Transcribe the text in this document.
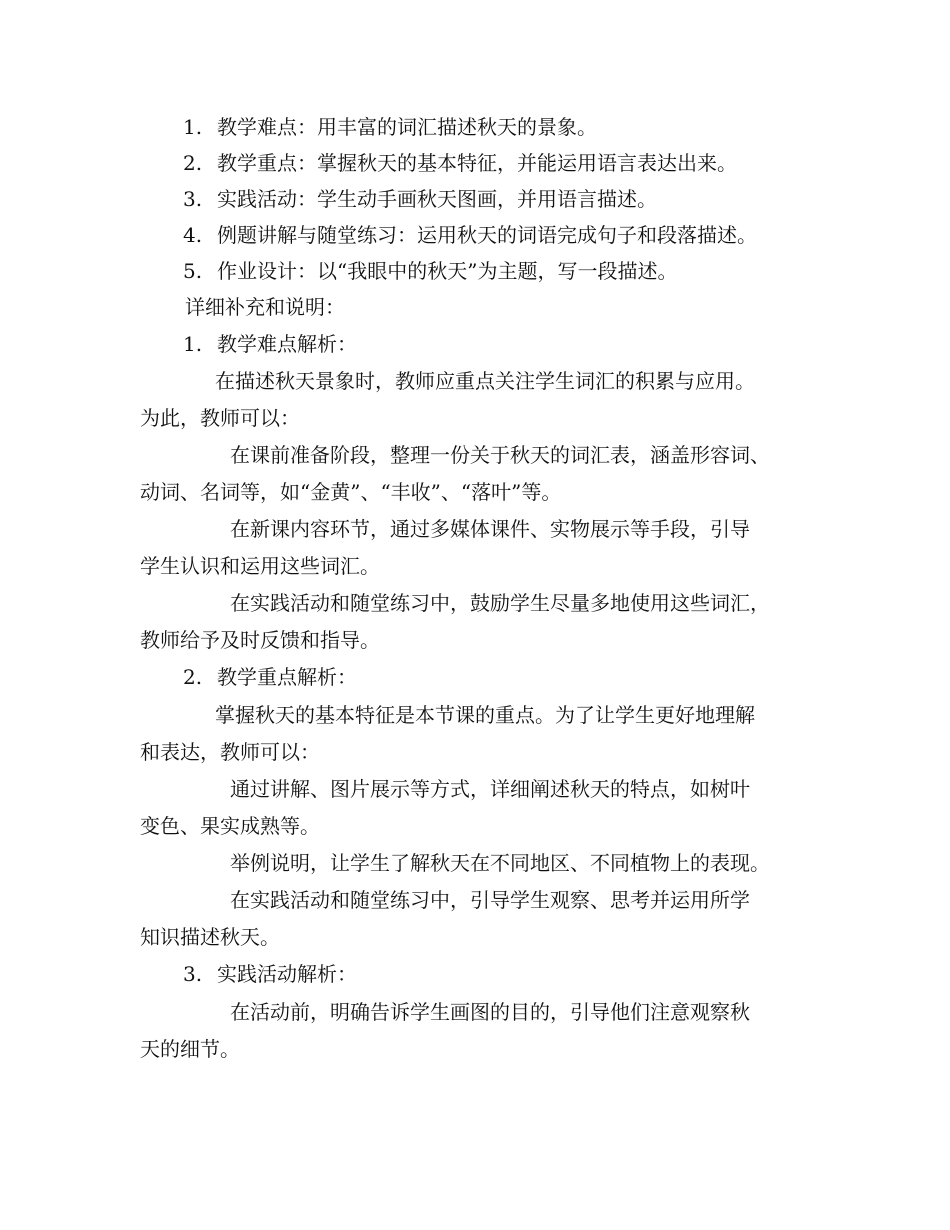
1. 教学难点：用丰富的词汇描述秋天的景象。
2. 教学重点：掌握秋天的基本特征，并能运用语言表达出来。
3. 实践活动：学生动手画秋天图画，并用语言描述。
4. 例题讲解与随堂练习：运用秋天的词语完成句子和段落描述。
5. 作业设计：以“我眼中的秋天”为主题，写一段描述。
详细补充和说明：
1. 教学难点解析：
在描述秋天景象时，教师应重点关注学生词汇的积累与应用。
为此，教师可以：
在课前准备阶段，整理一份关于秋天的词汇表，涵盖形容词、
动词、名词等，如“金黄”、“丰收”、“落叶”等。
在新课内容环节，通过多媒体课件、实物展示等手段，引导
学生认识和运用这些词汇。
在实践活动和随堂练习中，鼓励学生尽量多地使用这些词汇，
教师给予及时反馈和指导。
2. 教学重点解析：
掌握秋天的基本特征是本节课的重点。为了让学生更好地理解
和表达，教师可以：
通过讲解、图片展示等方式，详细阐述秋天的特点，如树叶
变色、果实成熟等。
举例说明，让学生了解秋天在不同地区、不同植物上的表现。
在实践活动和随堂练习中，引导学生观察、思考并运用所学
知识描述秋天。
3. 实践活动解析：
在活动前，明确告诉学生画图的目的，引导他们注意观察秋
天的细节。
